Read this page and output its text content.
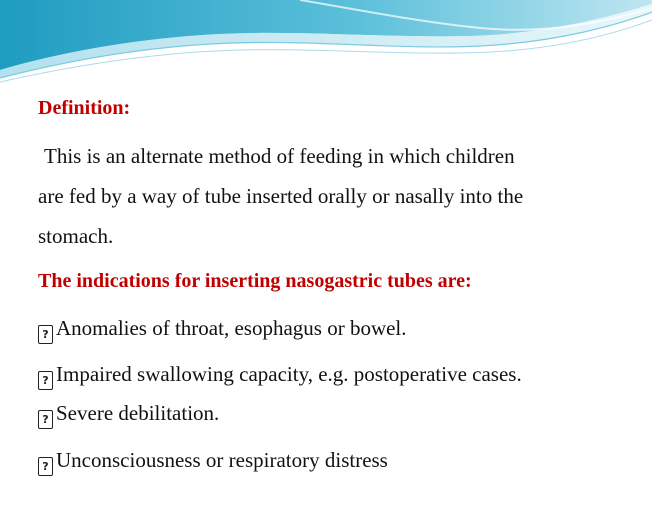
Definition:
This is an alternate method of feeding in which children
are fed by a way of tube inserted orally or nasally into the
stomach.
The indications for inserting nasogastric tubes are:
? Anomalies of throat, esophagus or bowel.
? Impaired swallowing capacity, e.g. postoperative cases.
? Severe debilitation.
? Unconsciousness or respiratory distress
